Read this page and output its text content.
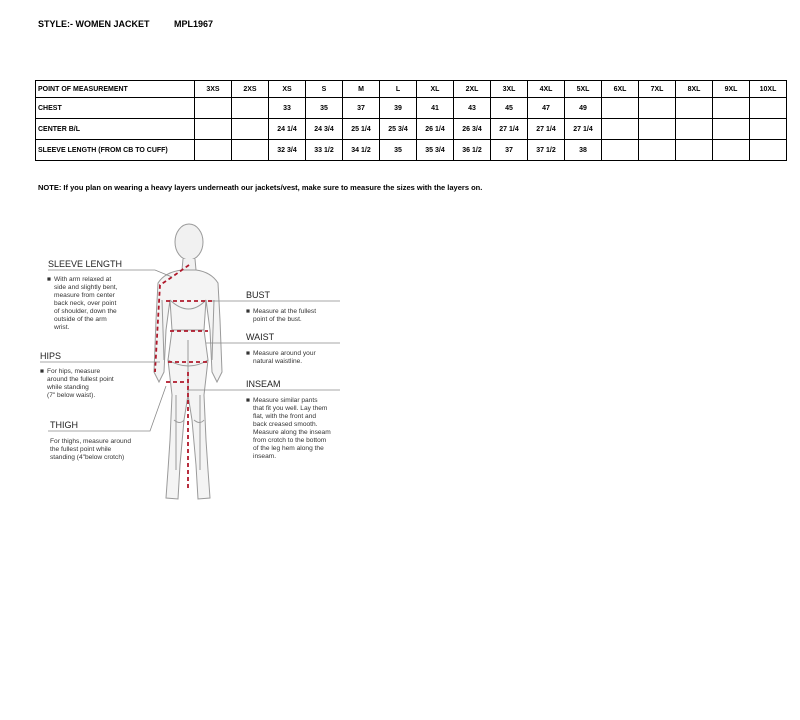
STYLE:- WOMEN JACKET	MPL1967
POINT OF MEASUREMENT	3XS	2XS	XS	S	M	L	XL	2XL	3XL	4XL	5XL	6XL	7XL	8XL	9XL	10XL
CHEST			33	35	37	39	41	43	45	47	49					
CENTER B/L			24 1/4	24 3/4	25 1/4	25 3/4	26 1/4	26 3/4	27 1/4	27 1/4	27 1/4					
SLEEVE LENGTH (FROM CB TO CUFF)			32 3/4	33 1/2	34 1/2	35	35 3/4	36 1/2	37	37 1/2	38					
NOTE: If you plan on wearing a heavy layers underneath our jackets/vest, make sure to measure the sizes with the layers on.
SLEEVE LENGTH
■ With arm relaxed at
side and slightly bent,
measure from center
back neck, over point
of shoulder, down the
outside of the arm
wrist.
HIPS
■ For hips, measure
around the fullest point
while standing
(7" below waist).
THIGH
For thighs, measure around
the fullest point while
standing (4"below crotch)
BUST
■ Measure at the fullest
point of the bust.
WAIST
■ Measure around your
natural waistline.
INSEAM
■ Measure similar pants
that fit you well. Lay them
flat, with the front and
back creased smooth.
Measure along the inseam
from crotch to the bottom
of the leg hem along the
inseam.
